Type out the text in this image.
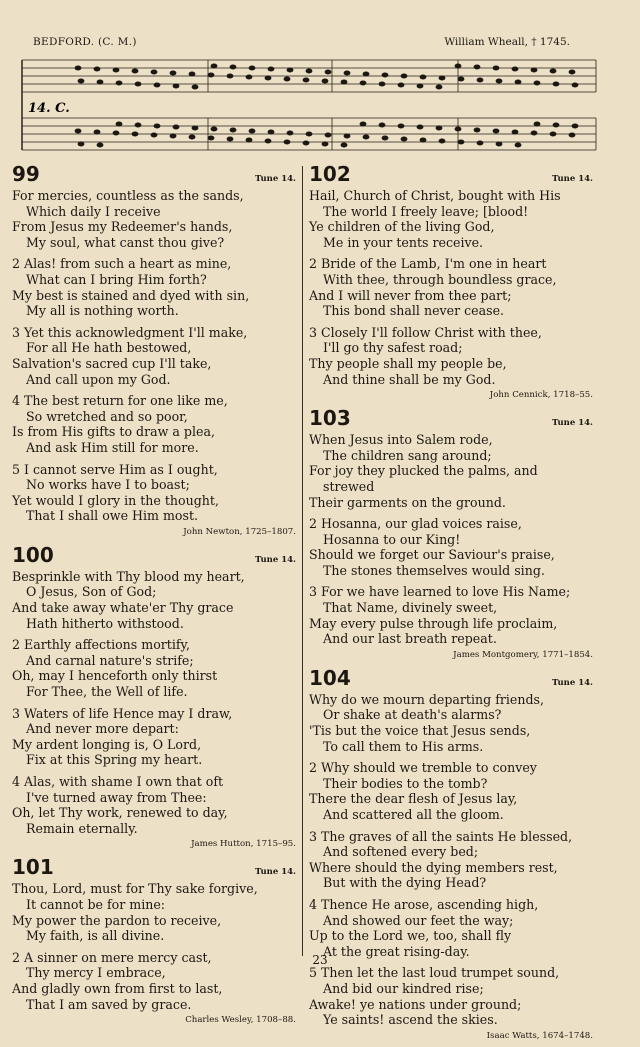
BEDFORD. (C. M.)	William Wheall, † 1745.
14. C.
99	Tune 14.
For mercies, countless as the sands,
Which daily I receive
From Jesus my Redeemer's hands,
My soul, what canst thou give?
2 Alas! from such a heart as mine,
What can I bring Him forth?
My best is stained and dyed with sin,
My all is nothing worth.
3 Yet this acknowledgment I'll make,
For all He hath bestowed,
Salvation's sacred cup I'll take,
And call upon my God.
4 The best return for one like me,
So wretched and so poor,
Is from His gifts to draw a plea,
And ask Him still for more.
5 I cannot serve Him as I ought,
No works have I to boast;
Yet would I glory in the thought,
That I shall owe Him most.
John Newton, 1725–1807.
100	Tune 14.
Besprinkle with Thy blood my heart,
O Jesus, Son of God;
And take away whate'er Thy grace
Hath hitherto withstood.
2 Earthly affections mortify,
And carnal nature's strife;
Oh, may I henceforth only thirst
For Thee, the Well of life.
3 Waters of life Hence may I draw,
And never more depart:
My ardent longing is, O Lord,
Fix at this Spring my heart.
4 Alas, with shame I own that oft
I've turned away from Thee:
Oh, let Thy work, renewed to day,
Remain eternally.
James Hutton, 1715–95.
101	Tune 14.
Thou, Lord, must for Thy sake forgive,
It cannot be for mine:
My power the pardon to receive,
My faith, is all divine.
2 A sinner on mere mercy cast,
Thy mercy I embrace,
And gladly own from first to last,
That I am saved by grace.
Charles Wesley, 1708–88.
102	Tune 14.
Hail, Church of Christ, bought with His
The world I freely leave; [blood!
Ye children of the living God,
Me in your tents receive.
2 Bride of the Lamb, I'm one in heart
With thee, through boundless grace,
And I will never from thee part;
This bond shall never cease.
3 Closely I'll follow Christ with thee,
I'll go thy safest road;
Thy people shall my people be,
And thine shall be my God.
John Cennick, 1718–55.
103	Tune 14.
When Jesus into Salem rode,
The children sang around;
For joy they plucked the palms, and
strewed
Their garments on the ground.
2 Hosanna, our glad voices raise,
Hosanna to our King!
Should we forget our Saviour's praise,
The stones themselves would sing.
3 For we have learned to love His Name;
That Name, divinely sweet,
May every pulse through life proclaim,
And our last breath repeat.
James Montgomery, 1771–1854.
104	Tune 14.
Why do we mourn departing friends,
Or shake at death's alarms?
'Tis but the voice that Jesus sends,
To call them to His arms.
2 Why should we tremble to convey
Their bodies to the tomb?
There the dear flesh of Jesus lay,
And scattered all the gloom.
3 The graves of all the saints He blessed,
And softened every bed;
Where should the dying members rest,
But with the dying Head?
4 Thence He arose, ascending high,
And showed our feet the way;
Up to the Lord we, too, shall fly
At the great rising-day.
5 Then let the last loud trumpet sound,
And bid our kindred rise;
Awake! ye nations under ground;
Ye saints! ascend the skies.
Isaac Watts, 1674–1748.
23
